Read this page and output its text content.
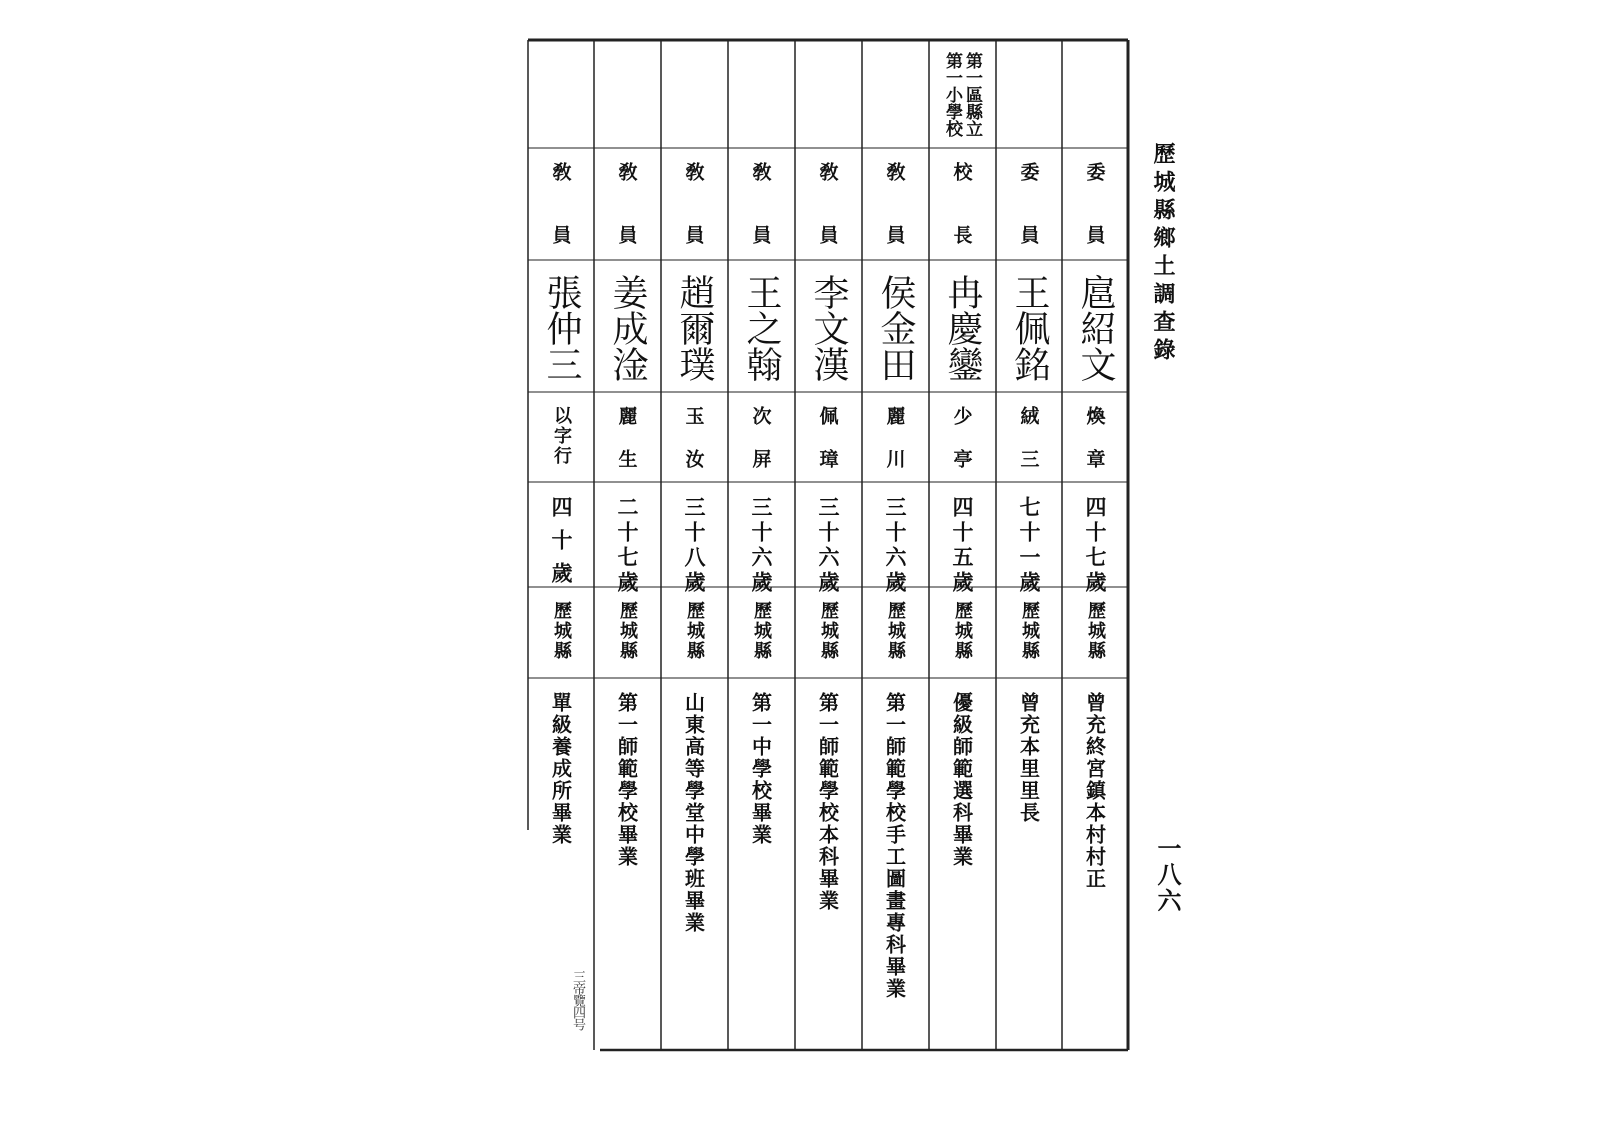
歷城縣鄉土調查錄
一八六
三帝覽四号
委員
扈紹文
煥章
四十七歲
歷城縣
曾充終宮鎮本村村正
委員
王佩銘
絨三
七十一歲
歷城縣
曾充本里里長
第一區縣立第一小學校
校長
冉慶鑾
少亭
四十五歲
歷城縣
優級師範選科畢業
敎員
侯金田
麗川
三十六歲
歷城縣
第一師範學校手工圖畫專科畢業
敎員
李文漢
佩璋
三十六歲
歷城縣
第一師範學校本科畢業
敎員
王之翰
次屏
三十六歲
歷城縣
第一中學校畢業
敎員
趙爾璞
玉汝
三十八歲
歷城縣
山東高等學堂中學班畢業
敎員
姜成淦
麗生
二十七歲
歷城縣
第一師範學校畢業
敎員
張仲三
以字行
四十歲
歷城縣
單級養成所畢業
